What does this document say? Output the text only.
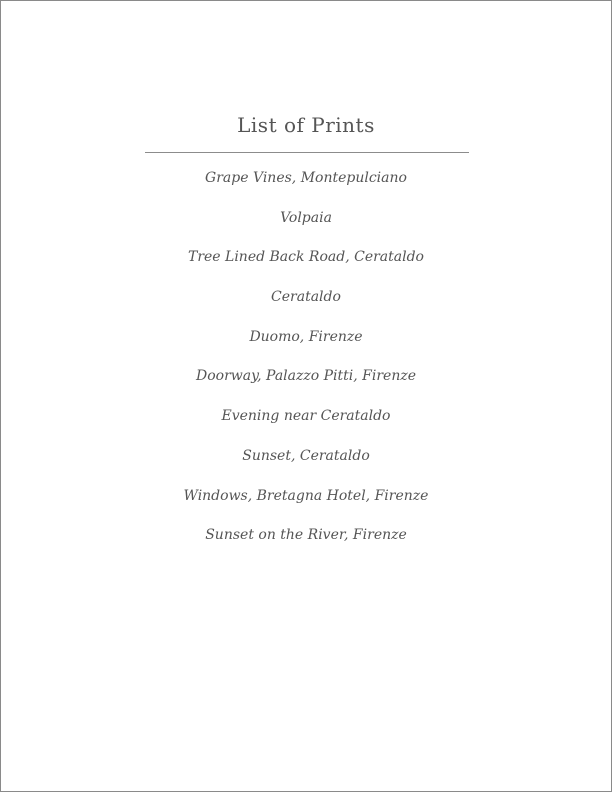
List of Prints
Grape Vines, Montepulciano
Volpaia
Tree Lined Back Road, Cerataldo
Cerataldo
Duomo, Firenze
Doorway, Palazzo Pitti, Firenze
Evening near Cerataldo
Sunset, Cerataldo
Windows, Bretagna Hotel, Firenze
Sunset on the River, Firenze
